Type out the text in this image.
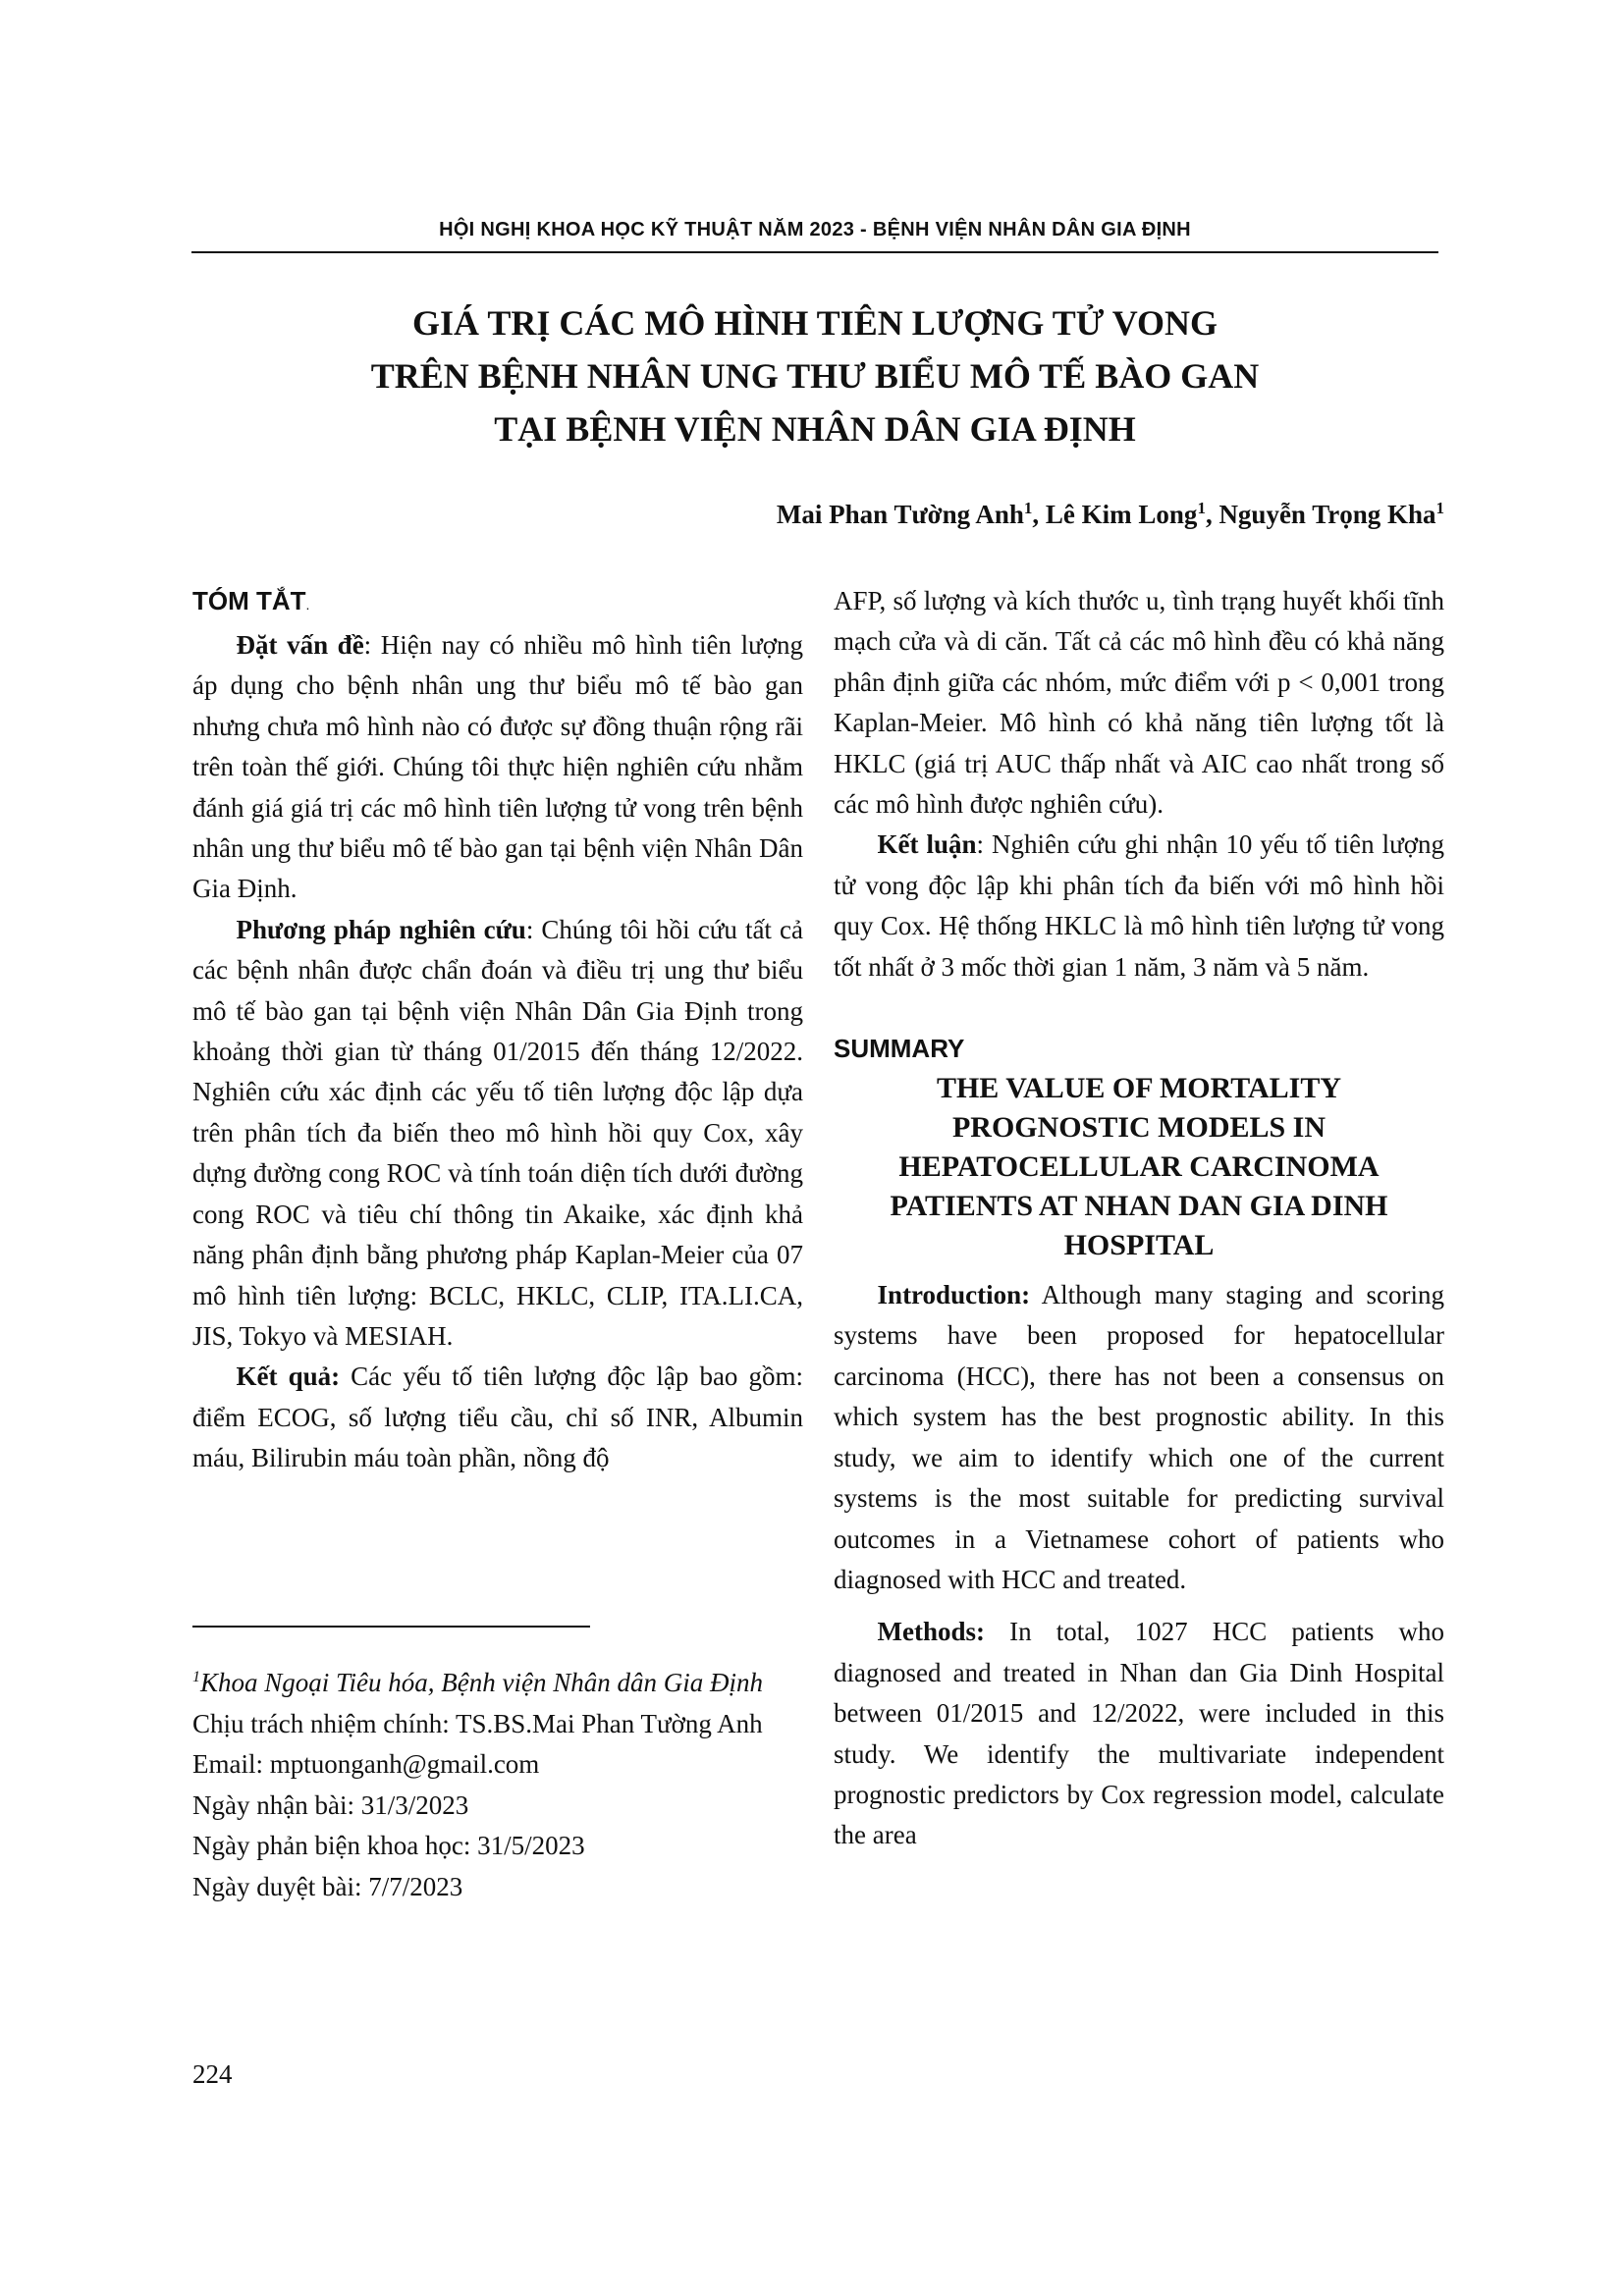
HỘI NGHỊ KHOA HỌC KỸ THUẬT NĂM 2023 - BỆNH VIỆN NHÂN DÂN GIA ĐỊNH
GIÁ TRỊ CÁC MÔ HÌNH TIÊN LƯỢNG TỬ VONG
TRÊN BỆNH NHÂN UNG THƯ BIỂU MÔ TẾ BÀO GAN
TẠI BỆNH VIỆN NHÂN DÂN GIA ĐỊNH

Mai Phan Tường Anh$^1$, Lê Kim Long$^1$, Nguyễn Trọng Kha$^1$

TÓM TẮT.

Đặt vấn đề: Hiện nay có nhiều mô hình tiên lượng áp dụng cho bệnh nhân ung thư biểu mô tế bào gan nhưng chưa mô hình nào có được sự đồng thuận rộng rãi trên toàn thế giới. Chúng tôi thực hiện nghiên cứu nhằm đánh giá giá trị các mô hình tiên lượng tử vong trên bệnh nhân ung thư biểu mô tế bào gan tại bệnh viện Nhân Dân Gia Định.

Phương pháp nghiên cứu: Chúng tôi hồi cứu tất cả các bệnh nhân được chẩn đoán và điều trị ung thư biểu mô tế bào gan tại bệnh viện Nhân Dân Gia Định trong khoảng thời gian từ tháng 01/2015 đến tháng 12/2022. Nghiên cứu xác định các yếu tố tiên lượng độc lập dựa trên phân tích đa biến theo mô hình hồi quy Cox, xây dựng đường cong ROC và tính toán diện tích dưới đường cong ROC và tiêu chí thông tin Akaike, xác định khả năng phân định bằng phương pháp Kaplan-Meier của 07 mô hình tiên lượng: BCLC, HKLC, CLIP, ITA.LI.CA, JIS, Tokyo và MESIAH.

Kết quả: Các yếu tố tiên lượng độc lập bao gồm: điểm ECOG, số lượng tiểu cầu, chỉ số INR, Albumin máu, Bilirubin máu toàn phần, nồng độ

AFP, số lượng và kích thước u, tình trạng huyết khối tĩnh mạch cửa và di căn. Tất cả các mô hình đều có khả năng phân định giữa các nhóm, mức điểm với p < 0,001 trong Kaplan-Meier. Mô hình có khả năng tiên lượng tốt là HKLC (giá trị AUC thấp nhất và AIC cao nhất trong số các mô hình được nghiên cứu).

Kết luận: Nghiên cứu ghi nhận 10 yếu tố tiên lượng tử vong độc lập khi phân tích đa biến với mô hình hồi quy Cox. Hệ thống HKLC là mô hình tiên lượng tử vong tốt nhất ở 3 mốc thời gian 1 năm, 3 năm và 5 năm.

SUMMARY
THE VALUE OF MORTALITY
PROGNOSTIC MODELS IN
HEPATOCELLULAR CARCINOMA
PATIENTS AT NHAN DAN GIA DINH
HOSPITAL

Introduction: Although many staging and scoring systems have been proposed for hepatocellular carcinoma (HCC), there has not been a consensus on which system has the best prognostic ability. In this study, we aim to identify which one of the current systems is the most suitable for predicting survival outcomes in a Vietnamese cohort of patients who diagnosed with HCC and treated.

Methods: In total, 1027 HCC patients who diagnosed and treated in Nhan dan Gia Dinh Hospital between 01/2015 and 12/2022, were included in this study. We identify the multivariate independent prognostic predictors by Cox regression model, calculate the area

$^1$Khoa Ngoại Tiêu hóa, Bệnh viện Nhân dân Gia Định
Chịu trách nhiệm chính: TS.BS.Mai Phan Tường Anh
Email: mptuonganh@gmail.com
Ngày nhận bài: 31/3/2023
Ngày phản biện khoa học: 31/5/2023
Ngày duyệt bài: 7/7/2023

224
